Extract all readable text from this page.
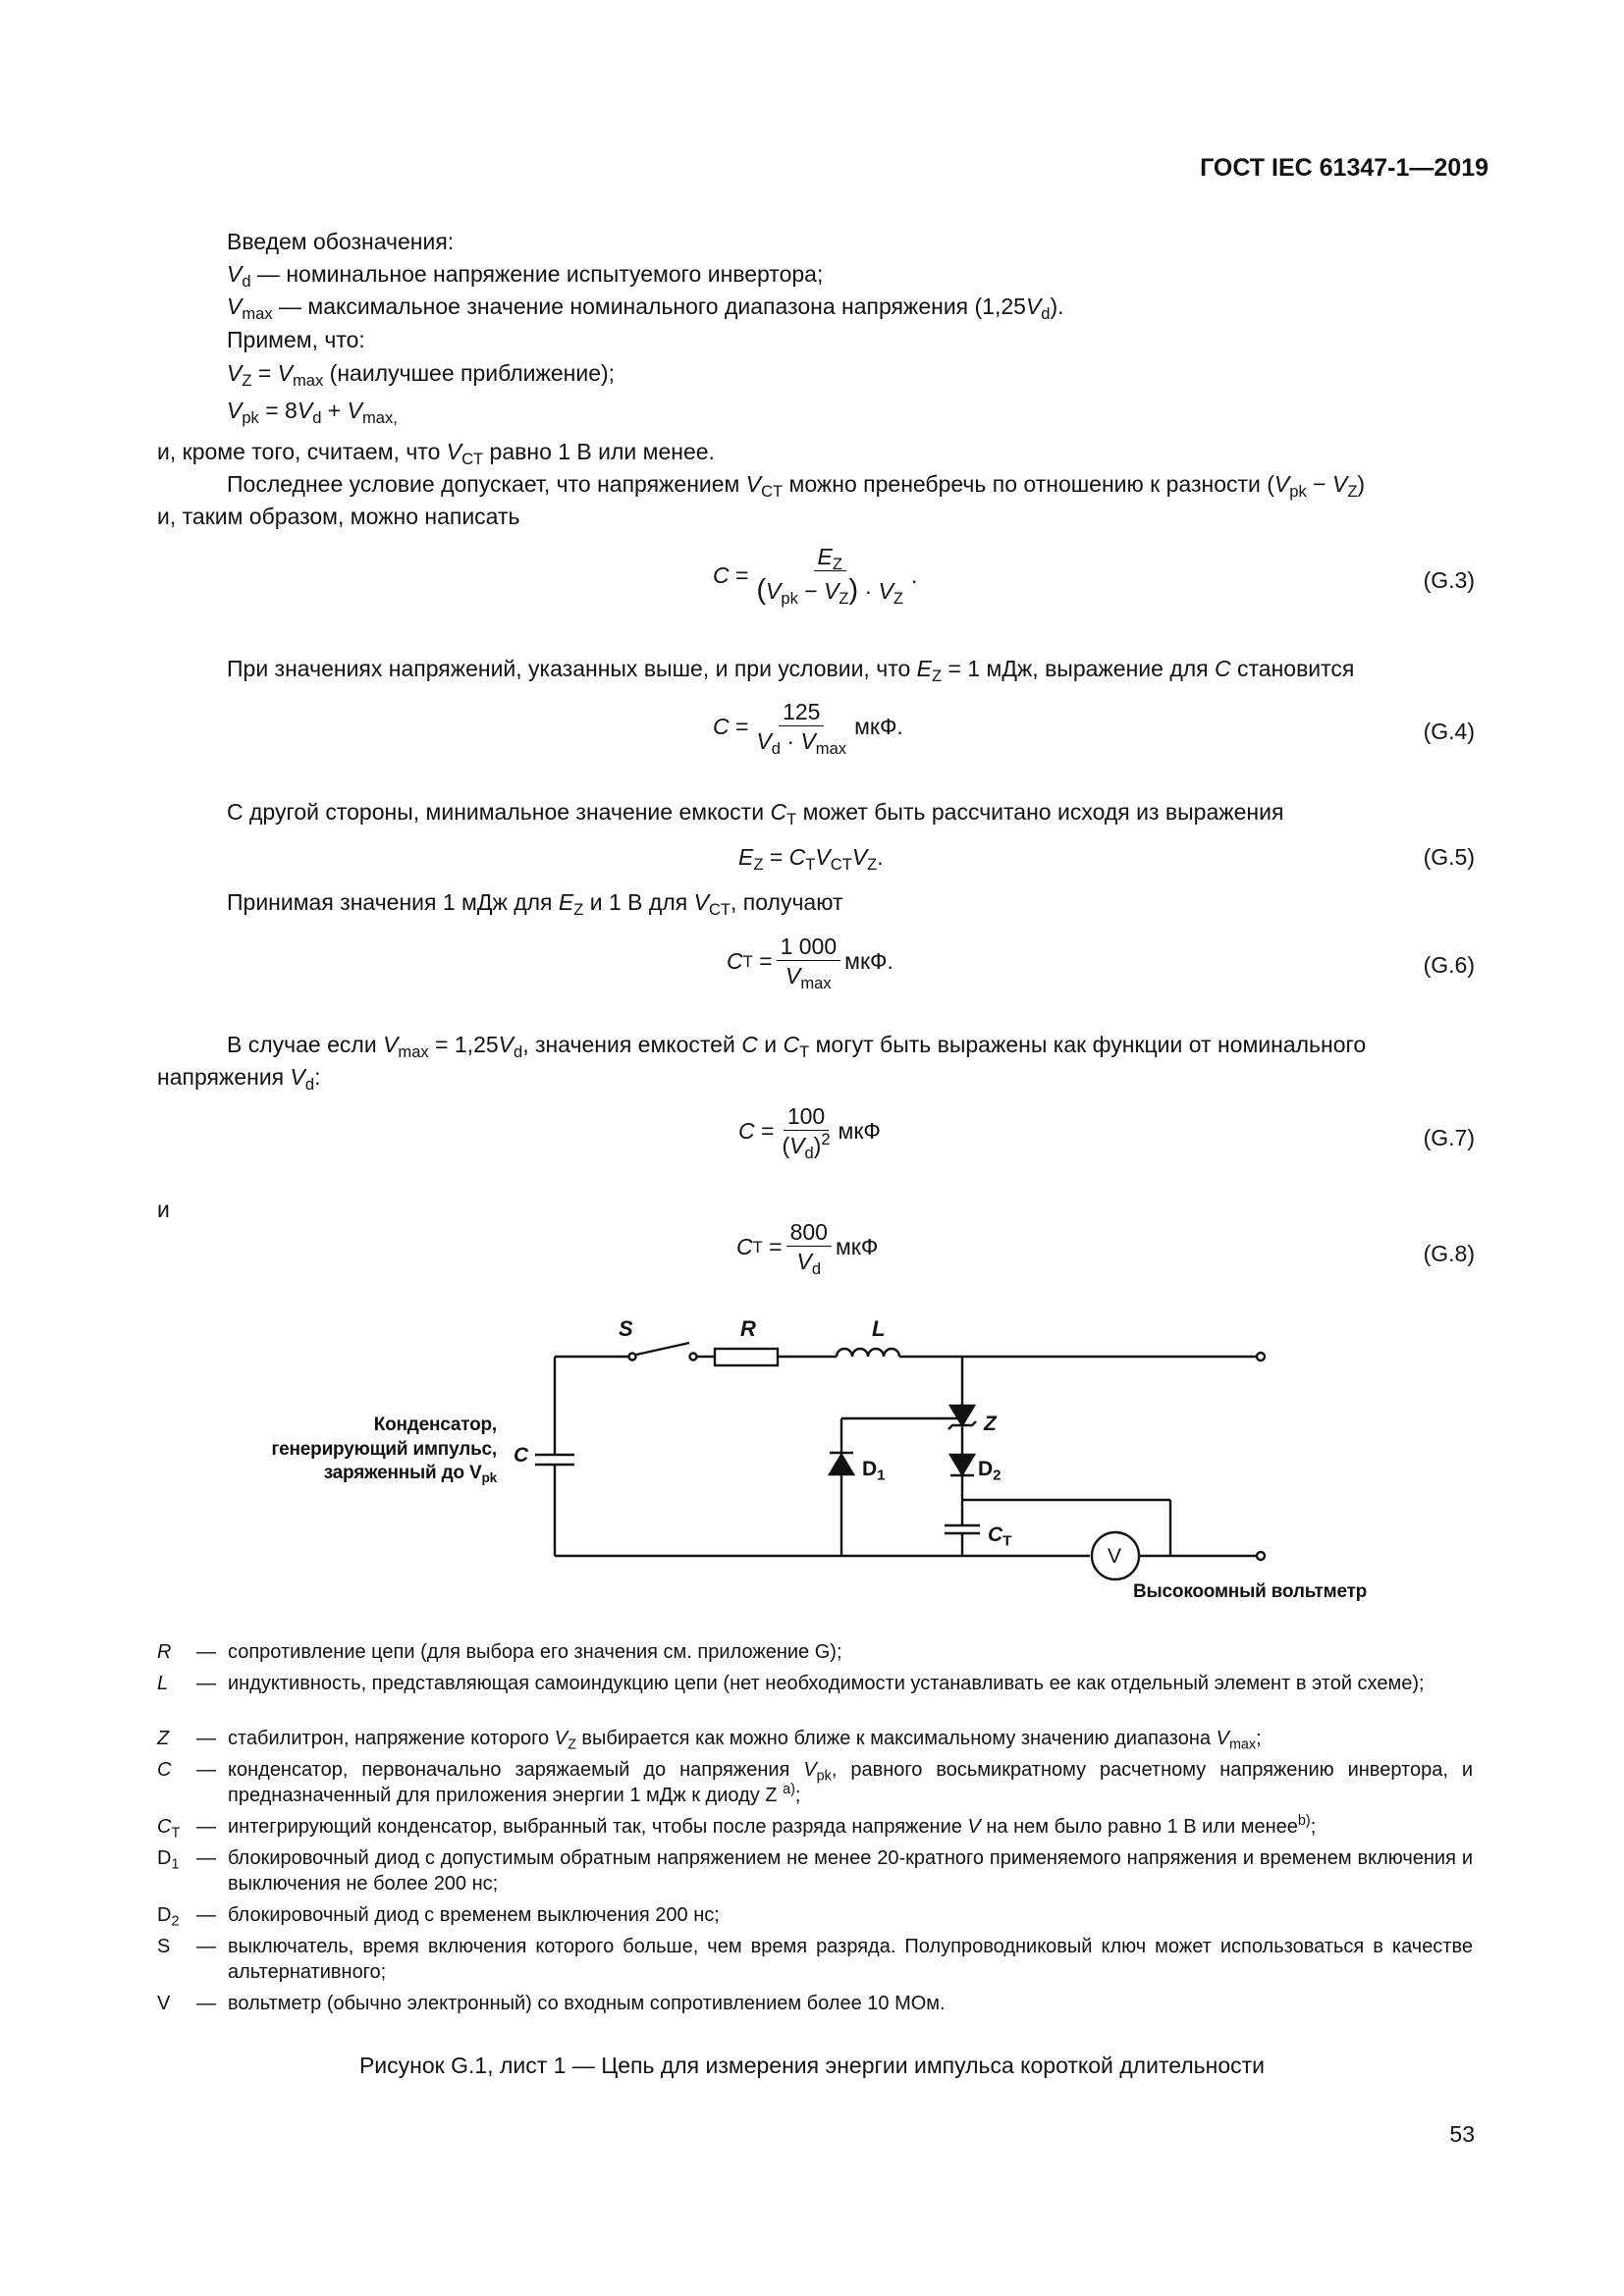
ГОСТ IEC 61347-1—2019
Введем обозначения:
$V_d$ — номинальное напряжение испытуемого инвертора;
$V_{max}$ — максимальное значение номинального диапазона напряжения $(1,25V_d)$.
Примем, что:
$V_Z = V_{max}$ (наилучшее приближение);
$V_{pk} = 8V_d + V_{max,}$
и, кроме того, считаем, что $V_{CT}$ равно 1 В или менее.
Последнее условие допускает, что напряжением $V_{CT}$ можно пренебречь по отношению к разности $(V_{pk} - V_Z)$
и, таким образом, можно написать
$C = \frac{E_Z}{(V_{pk} - V_Z) \cdot V_Z}$ .	(G.3)
При значениях напряжений, указанных выше, и при условии, что $E_Z = 1$ мДж, выражение для C становится
$C = \frac{125}{V_d \cdot V_{max}}$ мкФ.	(G.4)
С другой стороны, минимальное значение емкости $C_T$ может быть рассчитано исходя из выражения
$E_Z = C_TV_{CT}V_Z$.	(G.5)
Принимая значения 1 мДж для $E_Z$ и 1 В для $V_{CT}$, получают
C $T = \frac{1 000}{V_{max}}$ мкФ.	(G.6)
В случае если $V_{max} = 1,25V_d$, значения емкостей C и $C_T$ могут быть выражены как функции от номинального
напряжения $V_d$:
$C = \frac{100}{(V_d)^2}$ мкФ	(G.7)
и
C $T = \frac{800}{V_d}$ мкФ	(G.8)
S	R	L
C
Z
$D_1$	$D_2$
$C_T$
V
Конденсатор,
генерирующий импульс,
заряженный до $V_{pk}$
Высокоомный вольтметр
R	— сопротивление цепи (для выбора его значения см. приложение G);
L	— индуктивность, представляющая самоиндукцию цепи (нет необходимости устанавливать ее как отдельный элемент в этой схеме);
Z	— стабилитрон, напряжение которого $V_Z$ выбирается как можно ближе к максимальному значению диапазона $V_{max}$;
C	— конденсатор, первоначально заряжаемый до напряжения $V_{pk}$, равного восьмикратному расчетному напряжению инвертора, и предназначенный для приложения энергии 1 мДж к диоду Z $^{a)}$;
$C_T$ — интегрирующий конденсатор, выбранный так, чтобы после разряда напряжение V на нем было равно 1 В или менее$^{b)}$;
$D_1$ — блокировочный диод с допустимым обратным напряжением не менее 20-кратного применяемого напряжения и временем включения и выключения не более 200 нс;
$D_2$ — блокировочный диод с временем выключения 200 нс;
S	— выключатель, время включения которого больше, чем время разряда. Полупроводниковый ключ может использоваться в качестве альтернативного;
V	— вольтметр (обычно электронный) со входным сопротивлением более 10 МОм.
Рисунок G.1, лист 1 — Цепь для измерения энергии импульса короткой длительности
53
